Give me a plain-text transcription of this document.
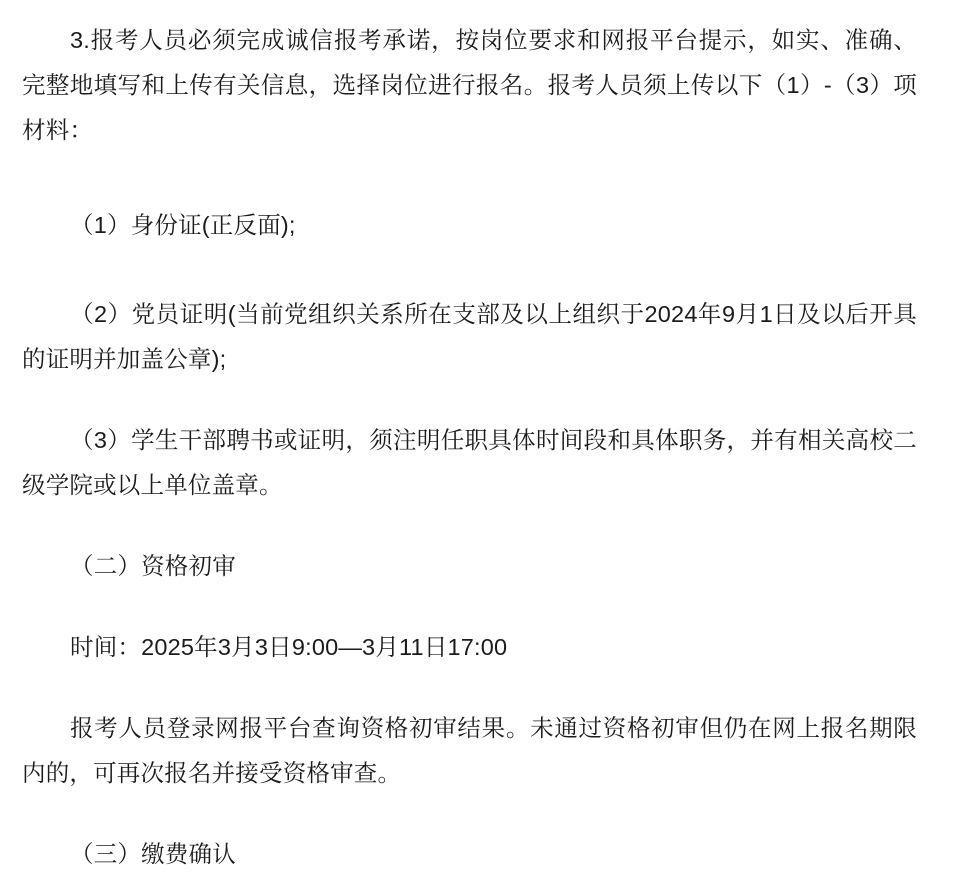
3.报考人员必须完成诚信报考承诺，按岗位要求和网报平台提示，如实、准确、完整地填写和上传有关信息，选择岗位进行报名。报考人员须上传以下（1）-（3）项材料：

（1）身份证(正反面);

（2）党员证明(当前党组织关系所在支部及以上组织于2024年9月1日及以后开具的证明并加盖公章);

（3）学生干部聘书或证明，须注明任职具体时间段和具体职务，并有相关高校二级学院或以上单位盖章。

（二）资格初审

时间：2025年3月3日9:00—3月11日17:00

报考人员登录网报平台查询资格初审结果。未通过资格初审但仍在网上报名期限内的，可再次报名并接受资格审查。

（三）缴费确认
